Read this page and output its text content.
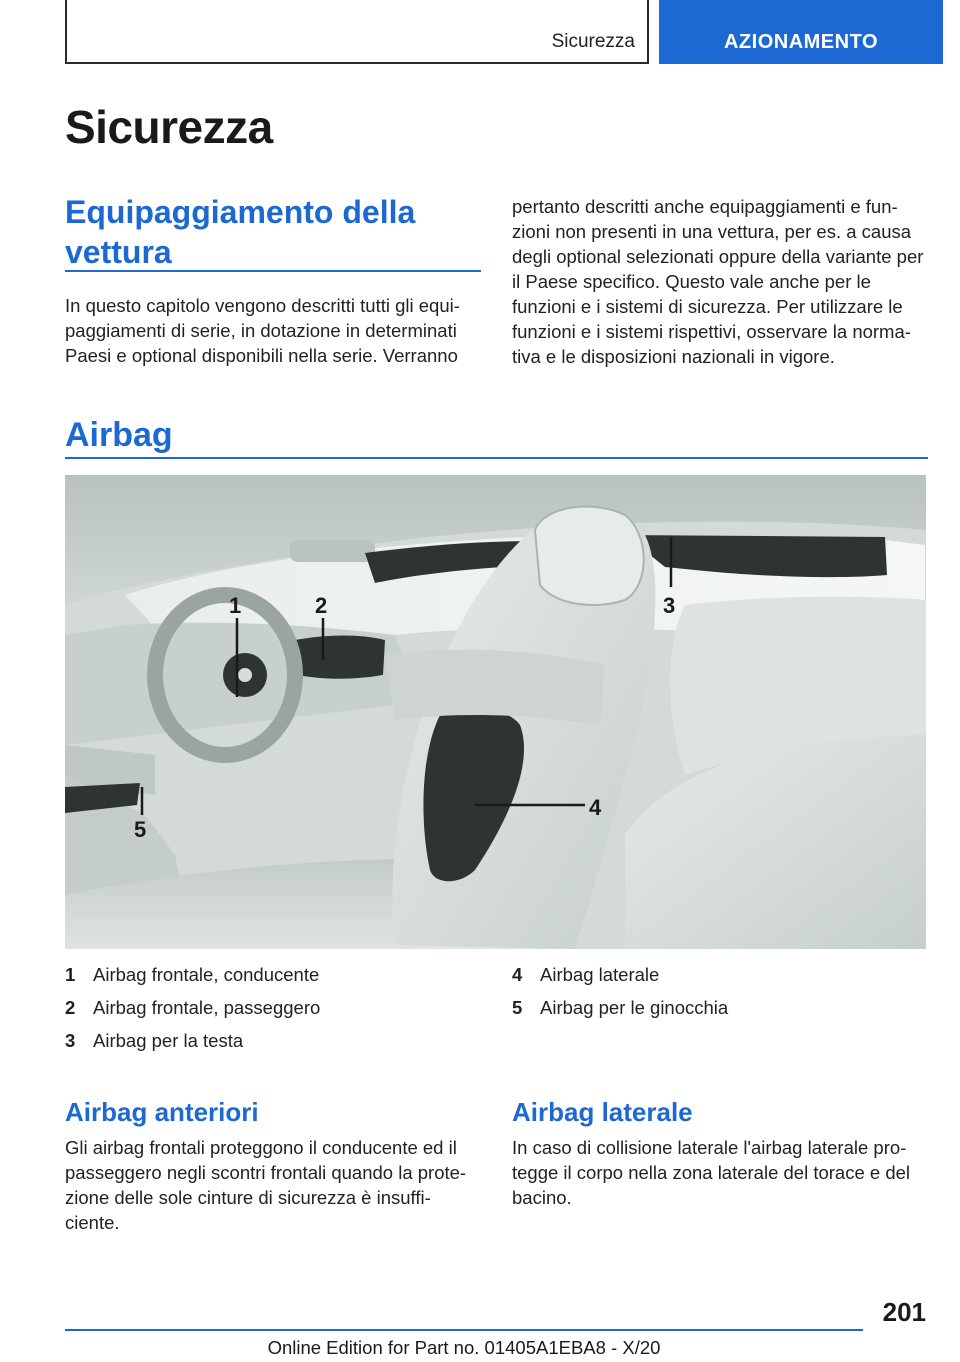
Sicurezza	AZIONAMENTO
Sicurezza
Equipaggiamento della vettura
In questo capitolo vengono descritti tutti gli equi-paggiamenti di serie, in dotazione in determinati Paesi e optional disponibili nella serie. Verranno
pertanto descritti anche equipaggiamenti e fun-zioni non presenti in una vettura, per es. a causa degli optional selezionati oppure della variante per il Paese specifico. Questo vale anche per le funzioni e i sistemi di sicurezza. Per utilizzare le funzioni e i sistemi rispettivi, osservare la norma-tiva e le disposizioni nazionali in vigore.
Airbag
1	2	3
4
5
1 Airbag frontale, conducente
2 Airbag frontale, passeggero
3 Airbag per la testa
4 Airbag laterale
5 Airbag per le ginocchia
Airbag anteriori
Gli airbag frontali proteggono il conducente ed il passeggero negli scontri frontali quando la prote-zione delle sole cinture di sicurezza è insuffi-ciente.
Airbag laterale
In caso di collisione laterale l'airbag laterale pro-tegge il corpo nella zona laterale del torace e del bacino.
201
Online Edition for Part no. 01405A1EBA8 - X/20
